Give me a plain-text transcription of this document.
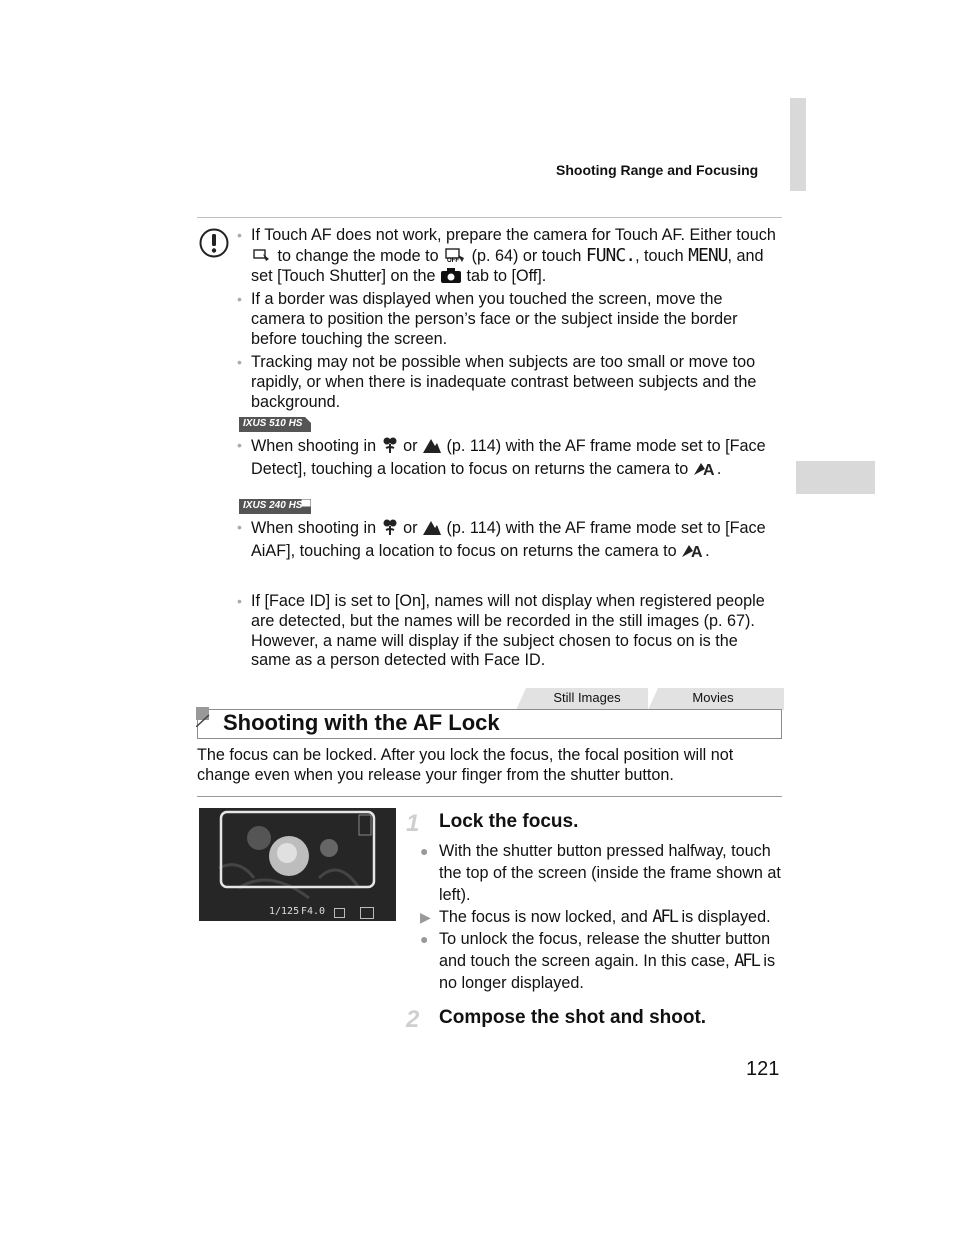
Shooting Range and Focusing
• If Touch AF does not work, prepare the camera for Touch AF. Either touch  to change the mode to OFF (p. 64) or touch FUNC., touch MENU, and set [Touch Shutter] on the tab to [Off].
• If a border was displayed when you touched the screen, move the camera to position the person’s face or the subject inside the border before touching the screen.
• Tracking may not be possible when subjects are too small or move too rapidly, or when there is inadequate contrast between subjects and the background.
IXUS 510 HS
• When shooting in or (p. 114) with the AF frame mode set to [Face Detect], touching a location to focus on returns the camera to A .
IXUS 240 HS
• When shooting in or (p. 114) with the AF frame mode set to [Face AiAF], touching a location to focus on returns the camera to A .
• If [Face ID] is set to [On], names will not display when registered people are detected, but the names will be recorded in the still images (p. 67). However, a name will display if the subject chosen to focus on is the same as a person detected with Face ID.
Still Images	Movies
Shooting with the AF Lock
The focus can be locked. After you lock the focus, the focal position will not change even when you release your finger from the shutter button.
1/125 F4.0
1 Lock the focus.
● With the shutter button pressed halfway, touch the top of the screen (inside the frame shown at left).
▶ The focus is now locked, and AFL is displayed.
● To unlock the focus, release the shutter button and touch the screen again. In this case, AFL is no longer displayed.
2 Compose the shot and shoot.
121
